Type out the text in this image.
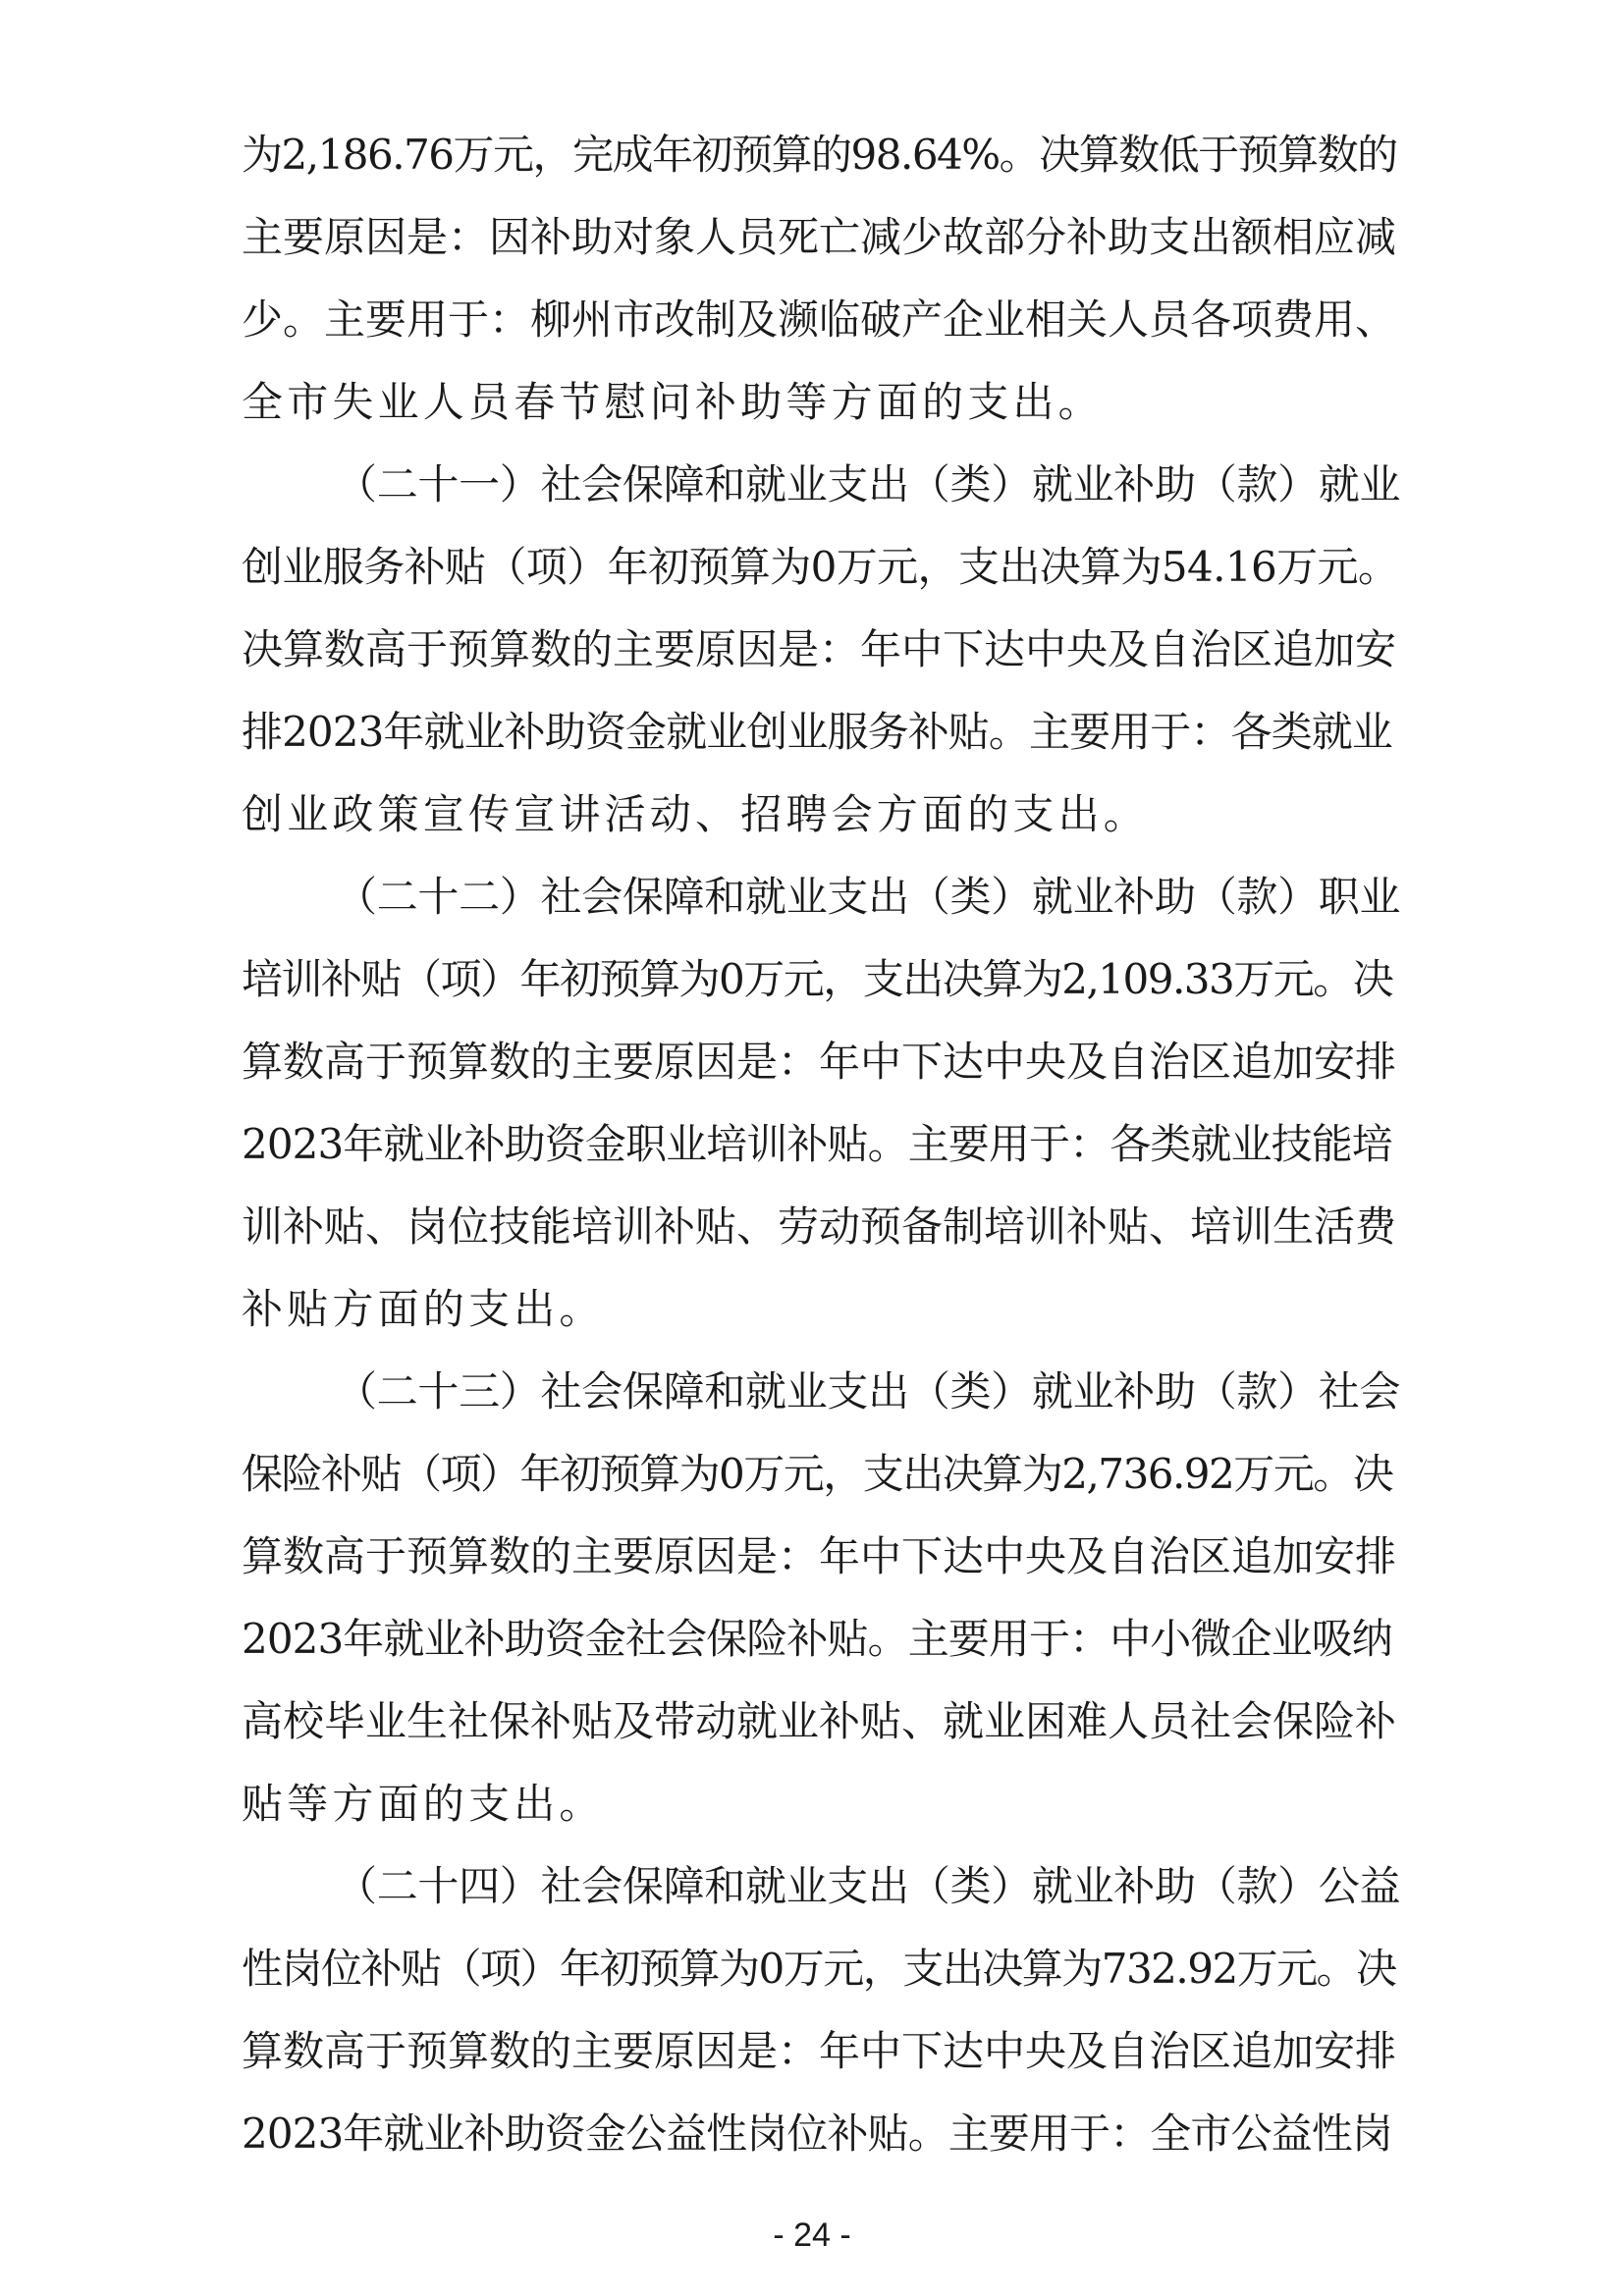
为2,186.76万元，完成年初预算的98.64%。决算数低于预算数的

主要原因是：因补助对象人员死亡减少故部分补助支出额相应减

少。主要用于：柳州市改制及濒临破产企业相关人员各项费用、

全市失业人员春节慰问补助等方面的支出。

（二十一）社会保障和就业支出（类）就业补助（款）就业

创业服务补贴（项）年初预算为0万元，支出决算为54.16万元。

决算数高于预算数的主要原因是：年中下达中央及自治区追加安

排2023年就业补助资金就业创业服务补贴。主要用于：各类就业

创业政策宣传宣讲活动、招聘会方面的支出。

（二十二）社会保障和就业支出（类）就业补助（款）职业

培训补贴（项）年初预算为0万元，支出决算为2,109.33万元。决

算数高于预算数的主要原因是：年中下达中央及自治区追加安排

2023年就业补助资金职业培训补贴。主要用于：各类就业技能培

训补贴、岗位技能培训补贴、劳动预备制培训补贴、培训生活费

补贴方面的支出。

（二十三）社会保障和就业支出（类）就业补助（款）社会

保险补贴（项）年初预算为0万元，支出决算为2,736.92万元。决

算数高于预算数的主要原因是：年中下达中央及自治区追加安排

2023年就业补助资金社会保险补贴。主要用于：中小微企业吸纳

高校毕业生社保补贴及带动就业补贴、就业困难人员社会保险补

贴等方面的支出。

（二十四）社会保障和就业支出（类）就业补助（款）公益

性岗位补贴（项）年初预算为0万元，支出决算为732.92万元。决

算数高于预算数的主要原因是：年中下达中央及自治区追加安排

2023年就业补助资金公益性岗位补贴。主要用于：全市公益性岗

- 24 -
